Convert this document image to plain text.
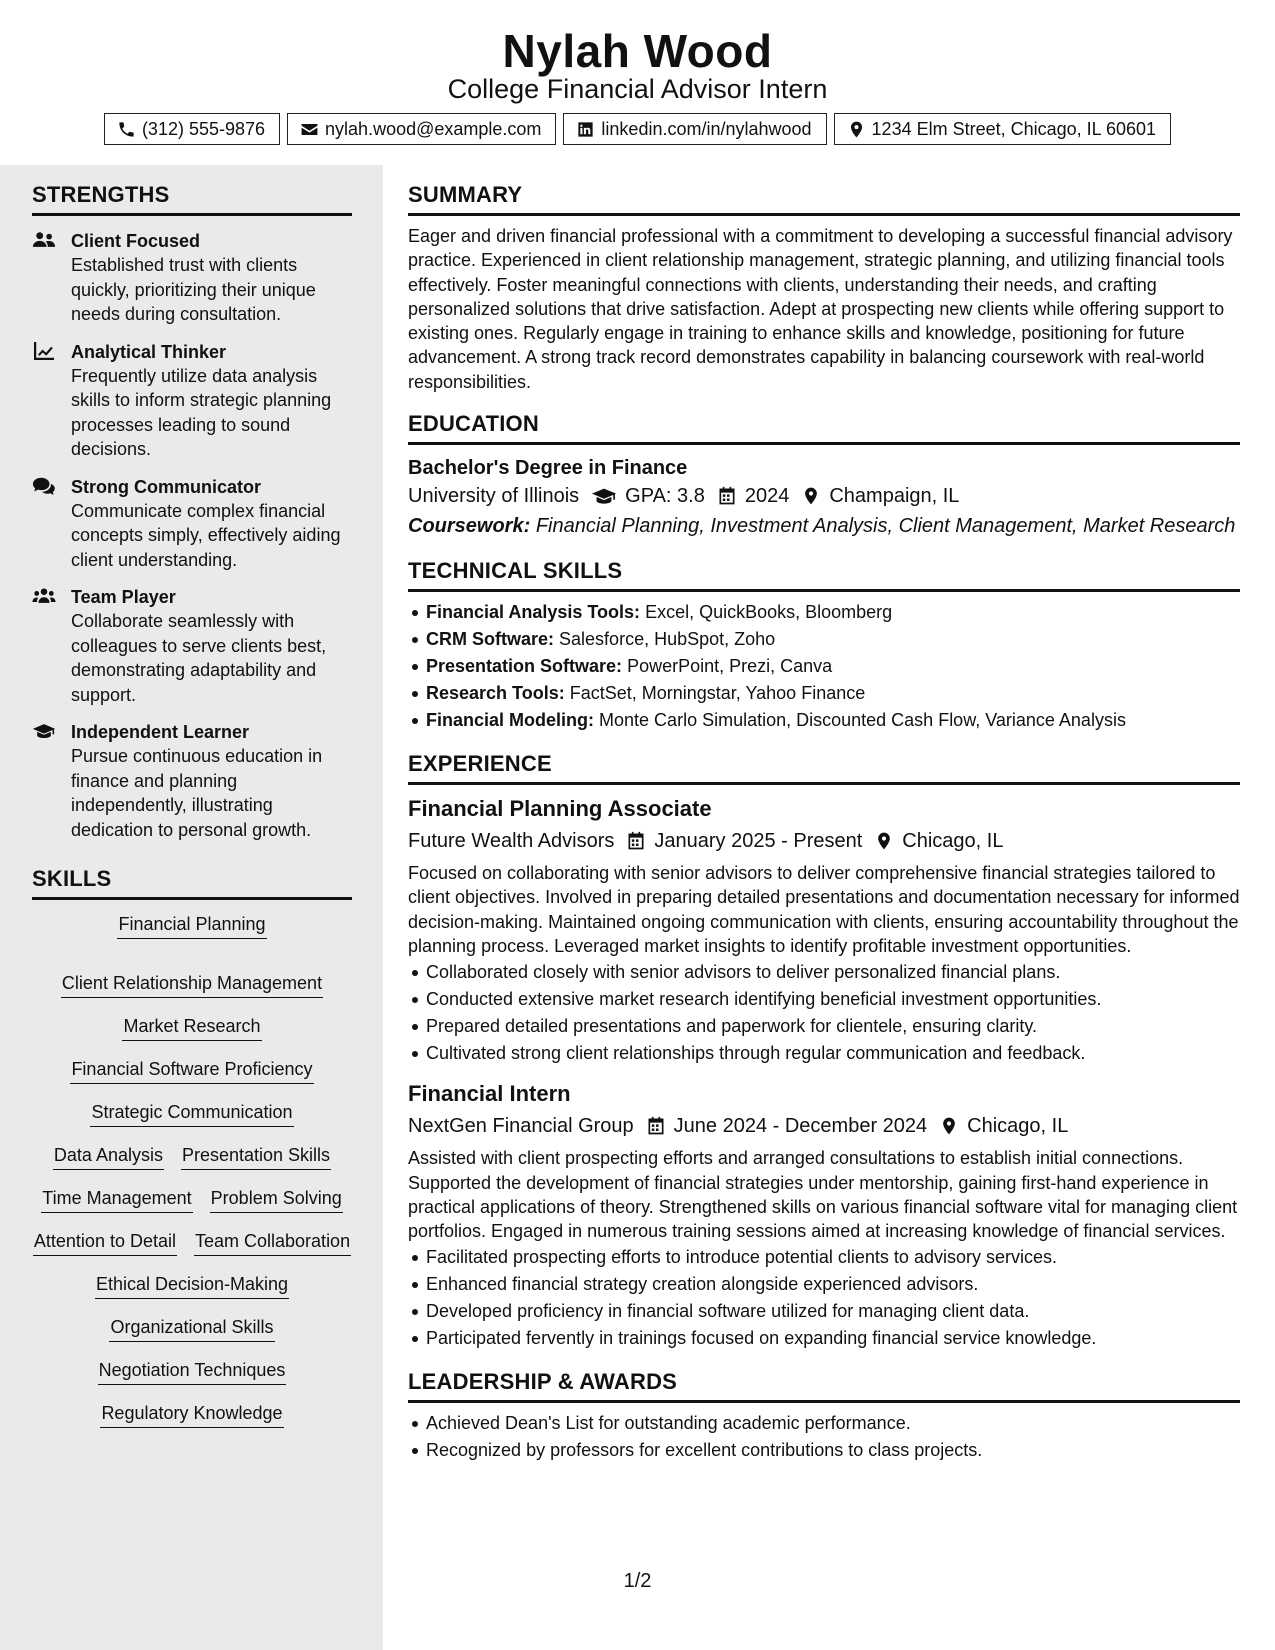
Nylah Wood
College Financial Advisor Intern
(312) 555-9876	nylah.wood@example.com	linkedin.com/in/nylahwood	1234 Elm Street, Chicago, IL 60601
STRENGTHS
Client Focused
Established trust with clients quickly, prioritizing their unique needs during consultation.
Analytical Thinker
Frequently utilize data analysis skills to inform strategic planning processes leading to sound decisions.
Strong Communicator
Communicate complex financial concepts simply, effectively aiding client understanding.
Team Player
Collaborate seamlessly with colleagues to serve clients best, demonstrating adaptability and support.
Independent Learner
Pursue continuous education in finance and planning independently, illustrating dedication to personal growth.
SKILLS
Financial Planning
Client Relationship Management
Market Research
Financial Software Proficiency
Strategic Communication
Data Analysis Presentation Skills
Time Management Problem Solving
Attention to Detail Team Collaboration
Ethical Decision-Making
Organizational Skills
Negotiation Techniques
Regulatory Knowledge
SUMMARY
Eager and driven financial professional with a commitment to developing a successful financial advisory practice. Experienced in client relationship management, strategic planning, and utilizing financial tools effectively. Foster meaningful connections with clients, understanding their needs, and crafting personalized solutions that drive satisfaction. Adept at prospecting new clients while offering support to existing ones. Regularly engage in training to enhance skills and knowledge, positioning for future advancement. A strong track record demonstrates capability in balancing coursework with real-world responsibilities.
EDUCATION
Bachelor's Degree in Finance
University of Illinois GPA: 3.8 2024 Champaign, IL
Coursework: Financial Planning, Investment Analysis, Client Management, Market Research
TECHNICAL SKILLS
Financial Analysis Tools: Excel, QuickBooks, Bloomberg
CRM Software: Salesforce, HubSpot, Zoho
Presentation Software: PowerPoint, Prezi, Canva
Research Tools: FactSet, Morningstar, Yahoo Finance
Financial Modeling: Monte Carlo Simulation, Discounted Cash Flow, Variance Analysis
EXPERIENCE
Financial Planning Associate
Future Wealth Advisors January 2025 - Present Chicago, IL
Focused on collaborating with senior advisors to deliver comprehensive financial strategies tailored to client objectives. Involved in preparing detailed presentations and documentation necessary for informed decision-making. Maintained ongoing communication with clients, ensuring accountability throughout the planning process. Leveraged market insights to identify profitable investment opportunities.
Collaborated closely with senior advisors to deliver personalized financial plans.
Conducted extensive market research identifying beneficial investment opportunities.
Prepared detailed presentations and paperwork for clientele, ensuring clarity.
Cultivated strong client relationships through regular communication and feedback.
Financial Intern
NextGen Financial Group June 2024 - December 2024 Chicago, IL
Assisted with client prospecting efforts and arranged consultations to establish initial connections. Supported the development of financial strategies under mentorship, gaining first-hand experience in practical applications of theory. Strengthened skills on various financial software vital for managing client portfolios. Engaged in numerous training sessions aimed at increasing knowledge of financial services.
Facilitated prospecting efforts to introduce potential clients to advisory services.
Enhanced financial strategy creation alongside experienced advisors.
Developed proficiency in financial software utilized for managing client data.
Participated fervently in trainings focused on expanding financial service knowledge.
LEADERSHIP & AWARDS
Achieved Dean's List for outstanding academic performance.
Recognized by professors for excellent contributions to class projects.
1/2
